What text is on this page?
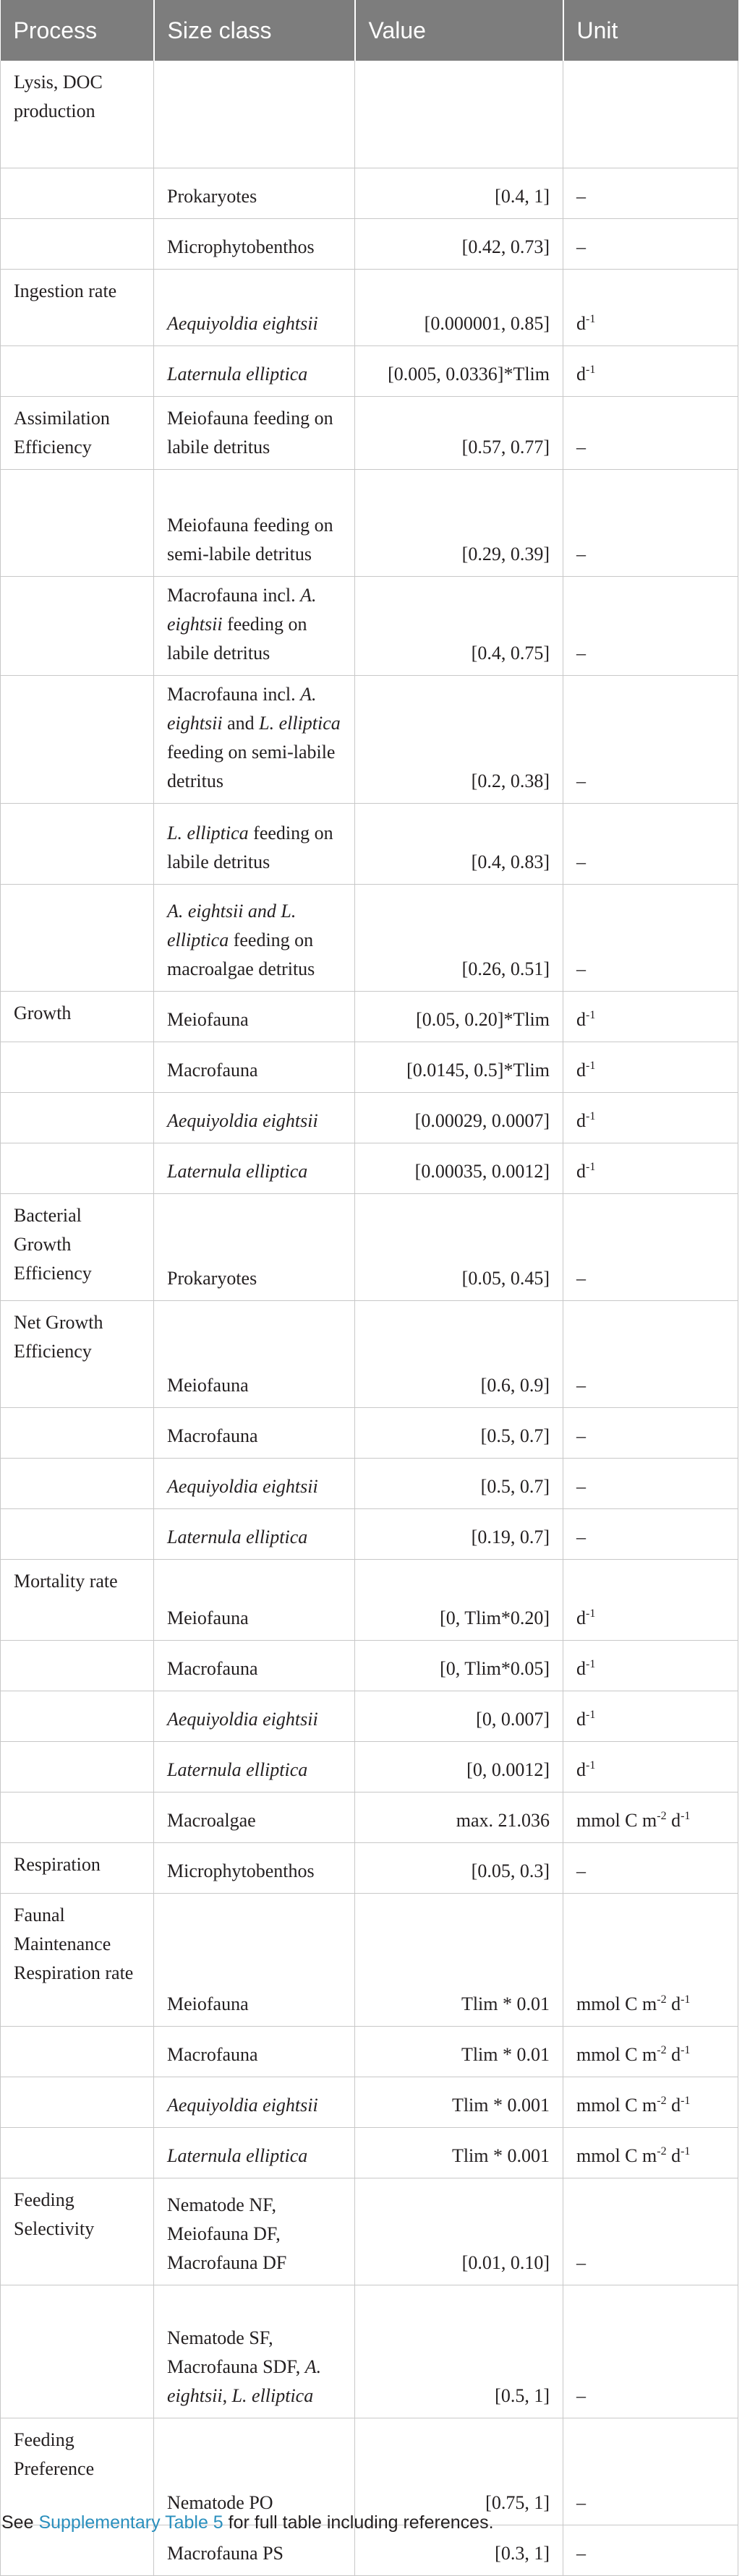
Process	Size class	Value	Unit
Lysis, DOC production			
	Prokaryotes	[0.4, 1]	–
	Microphytobenthos	[0.42, 0.73]	–
Ingestion rate	Aequiyoldia eightsii	[0.000001, 0.85]	$d^{-1}$
	Laternula elliptica	[0.005, 0.0336]*Tlim	$d^{-1}$
Assimilation Efficiency	Meiofauna feeding on labile detritus	[0.57, 0.77]	–
	Meiofauna feeding on semi-labile detritus	[0.29, 0.39]	–
	Macrofauna incl. A. eightsii feeding on labile detritus	[0.4, 0.75]	–
	Macrofauna incl. A. eightsii and L. elliptica feeding on semi-labile detritus	[0.2, 0.38]	–
	L. elliptica feeding on labile detritus	[0.4, 0.83]	–
	A. eightsii and L. elliptica feeding on macroalgae detritus	[0.26, 0.51]	–
Growth	Meiofauna	[0.05, 0.20]*Tlim	$d^{-1}$
	Macrofauna	[0.0145, 0.5]*Tlim	$d^{-1}$
	Aequiyoldia eightsii	[0.00029, 0.0007]	$d^{-1}$
	Laternula elliptica	[0.00035, 0.0012]	$d^{-1}$
Bacterial Growth Efficiency	Prokaryotes	[0.05, 0.45]	–
Net Growth Efficiency	Meiofauna	[0.6, 0.9]	–
	Macrofauna	[0.5, 0.7]	–
	Aequiyoldia eightsii	[0.5, 0.7]	–
	Laternula elliptica	[0.19, 0.7]	–
Mortality rate	Meiofauna	[0, Tlim*0.20]	$d^{-1}$
	Macrofauna	[0, Tlim*0.05]	$d^{-1}$
	Aequiyoldia eightsii	[0, 0.007]	$d^{-1}$
	Laternula elliptica	[0, 0.0012]	$d^{-1}$
	Macroalgae	max. 21.036	mmol C $m^{-2}$ $d^{-1}$
Respiration	Microphytobenthos	[0.05, 0.3]	–
Faunal Maintenance Respiration rate	Meiofauna	Tlim * 0.01	mmol C $m^{-2}$ $d^{-1}$
	Macrofauna	Tlim * 0.01	mmol C $m^{-2}$ $d^{-1}$
	Aequiyoldia eightsii	Tlim * 0.001	mmol C $m^{-2}$ $d^{-1}$
	Laternula elliptica	Tlim * 0.001	mmol C $m^{-2}$ $d^{-1}$
Feeding Selectivity	Nematode NF, Meiofauna DF, Macrofauna DF	[0.01, 0.10]	–
	Nematode SF, Macrofauna SDF, A. eightsii, L. elliptica	[0.5, 1]	–
Feeding Preference	Nematode PO	[0.75, 1]	–
	Macrofauna PS	[0.3, 1]	–
See Supplementary Table 5 for full table including references.
